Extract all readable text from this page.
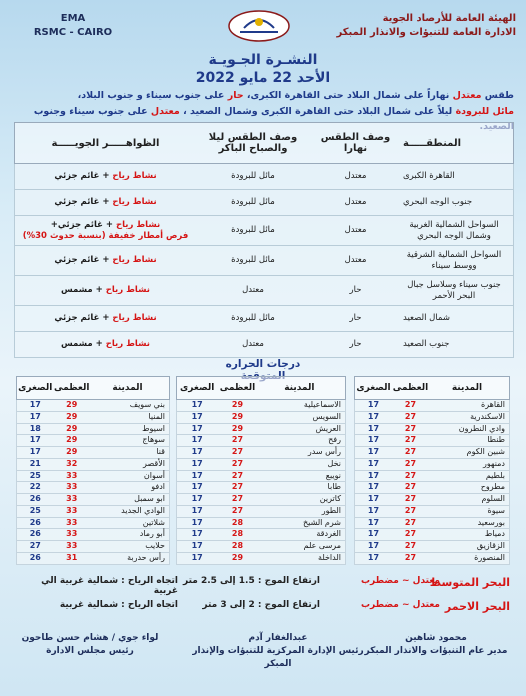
EMA
RSMC - CAIRO
الهيئة العامة للأرصاد الجوية
الادارة العامة للتنبؤات والانذار المبكر
النشـرة الجـويـة
الأحد 22 مايو 2022
طقس معتدل نهاراً على شمال البلاد حتى القاهرة الكبرى، حار على جنوب سيناء و جنوب البلاد،
مائل للبرودة ليلاً على شمال البلاد حتى القاهرة الكبرى وشمال الصعيد ، معتدل على جنوب سيناء وجنوب
المنطقـــــة
وصف الطقس نهارا
وصف الطقس ليلا والصباح الباكر
الظواهـــــر الجويـــــة
القاهرة الكبرى
معتدل
مائل للبرودة
نشاط رياح + غائم جزئي
جنوب الوجه البحري
معتدل
مائل للبرودة
نشاط رياح + غائم جزئي
السواحل الشمالية الغربية وشمال الوجه البحري
معتدل
مائل للبرودة
نشاط رياح + غائم جزئي+
فرص أمطار خفيفة (بنسبة حدوث 30%)
السواحل الشمالية الشرقية ووسط سيناء
معتدل
مائل للبرودة
نشاط رياح + غائم جزئي
جنوب سيناء وسلاسل جبال البحر الأحمر
حار
معتدل
نشاط رياح + مشمس
شمال الصعيد
حار
مائل للبرودة
نشاط رياح + غائم جزئي
جنوب الصعيد
حار
معتدل
نشاط رياح + مشمس
درجات الحراره
المدينة
العظمى
الصغرى
القاهرة
27
17
الاسكندرية
27
17
وادي النطرون
27
17
طنطا
27
17
شبين الكوم
27
17
دمنهور
27
17
بلطيم
27
17
مطروح
27
17
السلوم
27
17
سيوة
27
17
بورسعيد
27
17
دمياط
27
17
الزقازيق
27
17
المنصورة
27
17
المدينة
العظمى
الصغرى
الاسماعيلية
29
17
السويس
29
17
العريش
29
17
رفح
27
17
رأس سدر
27
17
نخل
27
17
نويبع
27
17
طابا
27
17
كاترين
27
17
الطور
27
17
شرم الشيخ
28
17
الغردقة
28
17
مرسى علم
28
17
الداخلة
29
17
المدينة
العظمى
الصغرى
بني سويف
29
17
المنيا
29
17
اسيوط
29
18
سوهاج
29
17
قنا
29
17
الأقصر
32
21
أسوان
33
25
ادفو
33
22
ابو سمبل
33
26
الوادي الجديد
33
25
شلاتين
33
26
أبو رماد
33
26
حلايب
33
27
رأس حدربة
31
26
البحر المتوسط
معتدل ~ مضطرب
ارتفاع الموج : 1.5 إلى 2.5 متر
اتجاه الرياح : شمالية غربية الي غربية
البحر الاحمر
معتدل ~ مضطرب
ارتفاع الموج : 2 إلى 3 متر
اتجاه الرياح : شمالية غربية
محمود شاهين
مدير عام التنبؤات والانذار المبكر
عبدالغفار آدم
رئيس الإدارة المركزية للتنبؤات والإنذار المبكر
لواء جوي / هشام حسن طاحون
رئيس مجلس الادارة
